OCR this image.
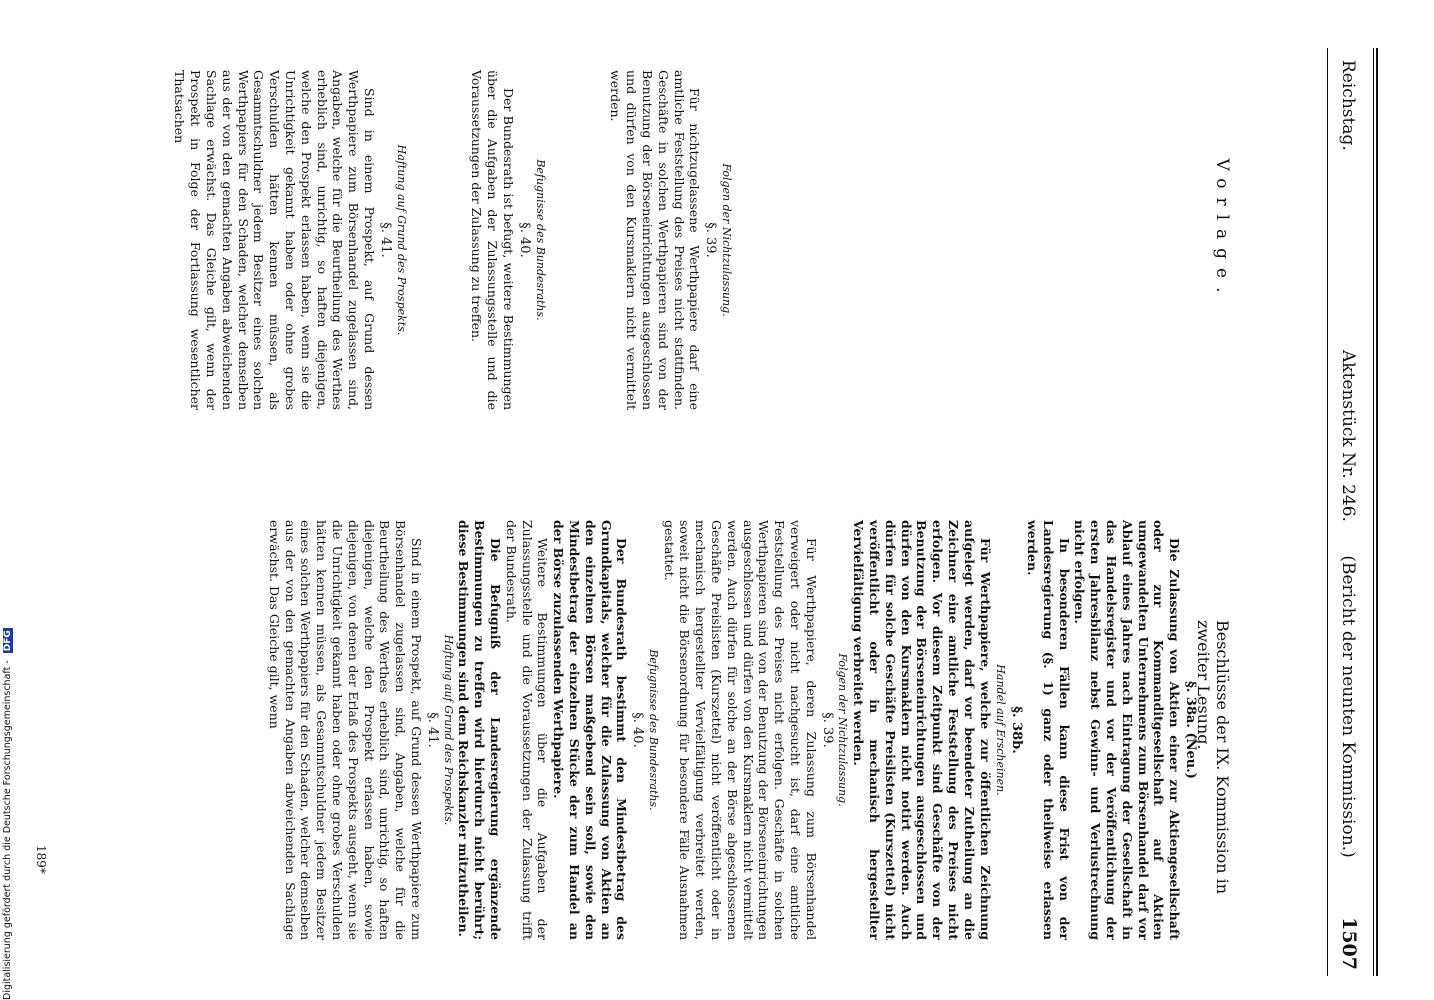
Reichstag.
Aktenstück Nr. 246. (Bericht der neunten Kommission.)
1507
Vorlage.
Beschlüsse der IX. Kommission in zweiter Lesung.

Folgen der Nichtzulassung.

§. 39.

Für nichtzugelassene Werthpapiere darf eine amtliche Feststellung des Preises nicht stattfinden. Geschäfte in solchen Werthpapieren sind von der Benutzung der Börseneinrichtungen ausgeschlossen und dürfen von den Kursmaklern nicht vermittelt werden.

Befugnisse des Bundesraths.

§. 40.

Der Bundesrath ist befugt, weitere Bestimmungen über die Aufgaben der Zulassungsstelle und die Voraussetzungen der Zulassung zu treffen.

Haftung auf Grund des Prospekts.

§. 41.

Sind in einem Prospekt, auf Grund dessen Werthpapiere zum Börsenhandel zugelassen sind, Angaben, welche für die Beurtheilung des Werthes erheblich sind, unrichtig, so haften diejenigen, welche den Prospekt erlassen haben, wenn sie die Unrichtigkeit gekannt haben oder ohne grobes Verschulden hätten kennen müssen, als Gesammtschuldner jedem Besitzer eines solchen Werthpapiers für den Schaden, welcher demselben aus der von den gemachten Angaben abweichenden Sachlage erwächst. Das Gleiche gilt, wenn der Prospekt in Folge der Fortlassung wesentlicher Thatsachen

§. 38a. (Neu.)

Die Zulassung von Aktien einer zur Aktiengesellschaft oder zur Kommanditgesellschaft auf Aktien umgewandelten Unternehmens zum Börsenhandel darf vor Ablauf eines Jahres nach Eintragung der Gesellschaft in das Handelsregister und vor der Veröffentlichung der ersten Jahresbilanz nebst Gewinn- und Verlustrechnung nicht erfolgen.

In besonderen Fällen kann diese Frist von der Landesregierung (§. 1) ganz oder theilweise erlassen werden.

§. 38b.

Handel auf Erscheinen.

Für Werthpapiere, welche zur öffentlichen Zeichnung aufgelegt werden, darf vor beendeter Zutheilung an die Zeichner eine amtliche Feststellung des Preises nicht erfolgen. Vor diesem Zeitpunkt sind Geschäfte von der Benutzung der Börseneinrichtungen ausgeschlossen und dürfen von den Kursmaklern nicht notirt werden. Auch dürfen für solche Geschäfte Preislisten (Kurszettel) nicht veröffentlicht oder in mechanisch hergestellter Vervielfältigung verbreitet werden.

Folgen der Nichtzulassung.

§. 39.

Für Werthpapiere, deren Zulassung zum Börsenhandel verweigert oder nicht nachgesucht ist, darf eine amtliche Feststellung des Preises nicht erfolgen. Geschäfte in solchen Werthpapieren sind von der Benutzung der Börseneinrichtungen ausgeschlossen und dürfen von den Kursmaklern nicht vermittelt werden. Auch dürfen für solche an der Börse abgeschlossenen Geschäfte Preislisten (Kurszettel) nicht veröffentlicht oder in mechanisch hergestellter Vervielfältigung verbreitet werden, soweit nicht die Börsenordnung für besondere Fälle Ausnahmen gestattet.

Befugnisse des Bundesraths.

§. 40.

Der Bundesrath bestimmt den Mindestbetrag des Grundkapitals, welcher für die Zulassung von Aktien an den einzelnen Börsen maßgebend sein soll, sowie den Mindestbetrag der einzelnen Stücke der zum Handel an der Börse zuzulassenden Werthpapiere.

Weitere Bestimmungen über die Aufgaben der Zulassungsstelle und die Voraussetzungen der Zulassung trifft der Bundesrath.

Die Befugniß der Landesregierung ergänzende Bestimmungen zu treffen wird hierdurch nicht berührt; diese Bestimmungen sind dem Reichskanzler mitzutheilen.

Haftung auf Grund des Prospekts.

§. 41.

Sind in einem Prospekt, auf Grund dessen Werthpapiere zum Börsenhandel zugelassen sind, Angaben, welche für die Beurtheilung des Werthes erheblich sind, unrichtig, so haften diejenigen, welche den Prospekt erlassen haben, sowie diejenigen, von denen der Erlaß des Prospekts ausgeht, wenn sie die Unrichtigkeit gekannt haben oder ohne grobes Verschulden hätten kennen müssen, als Gesammtschuldner jedem Besitzer eines solchen Werthpapiers für den Schaden, welcher demselben aus der von den gemachten Angaben abweichenden Sachlage erwächst. Das Gleiche gilt, wenn

189*
Digitalisierung gefördert durch die Deutsche Forschungsgemeinschaft - DFG
